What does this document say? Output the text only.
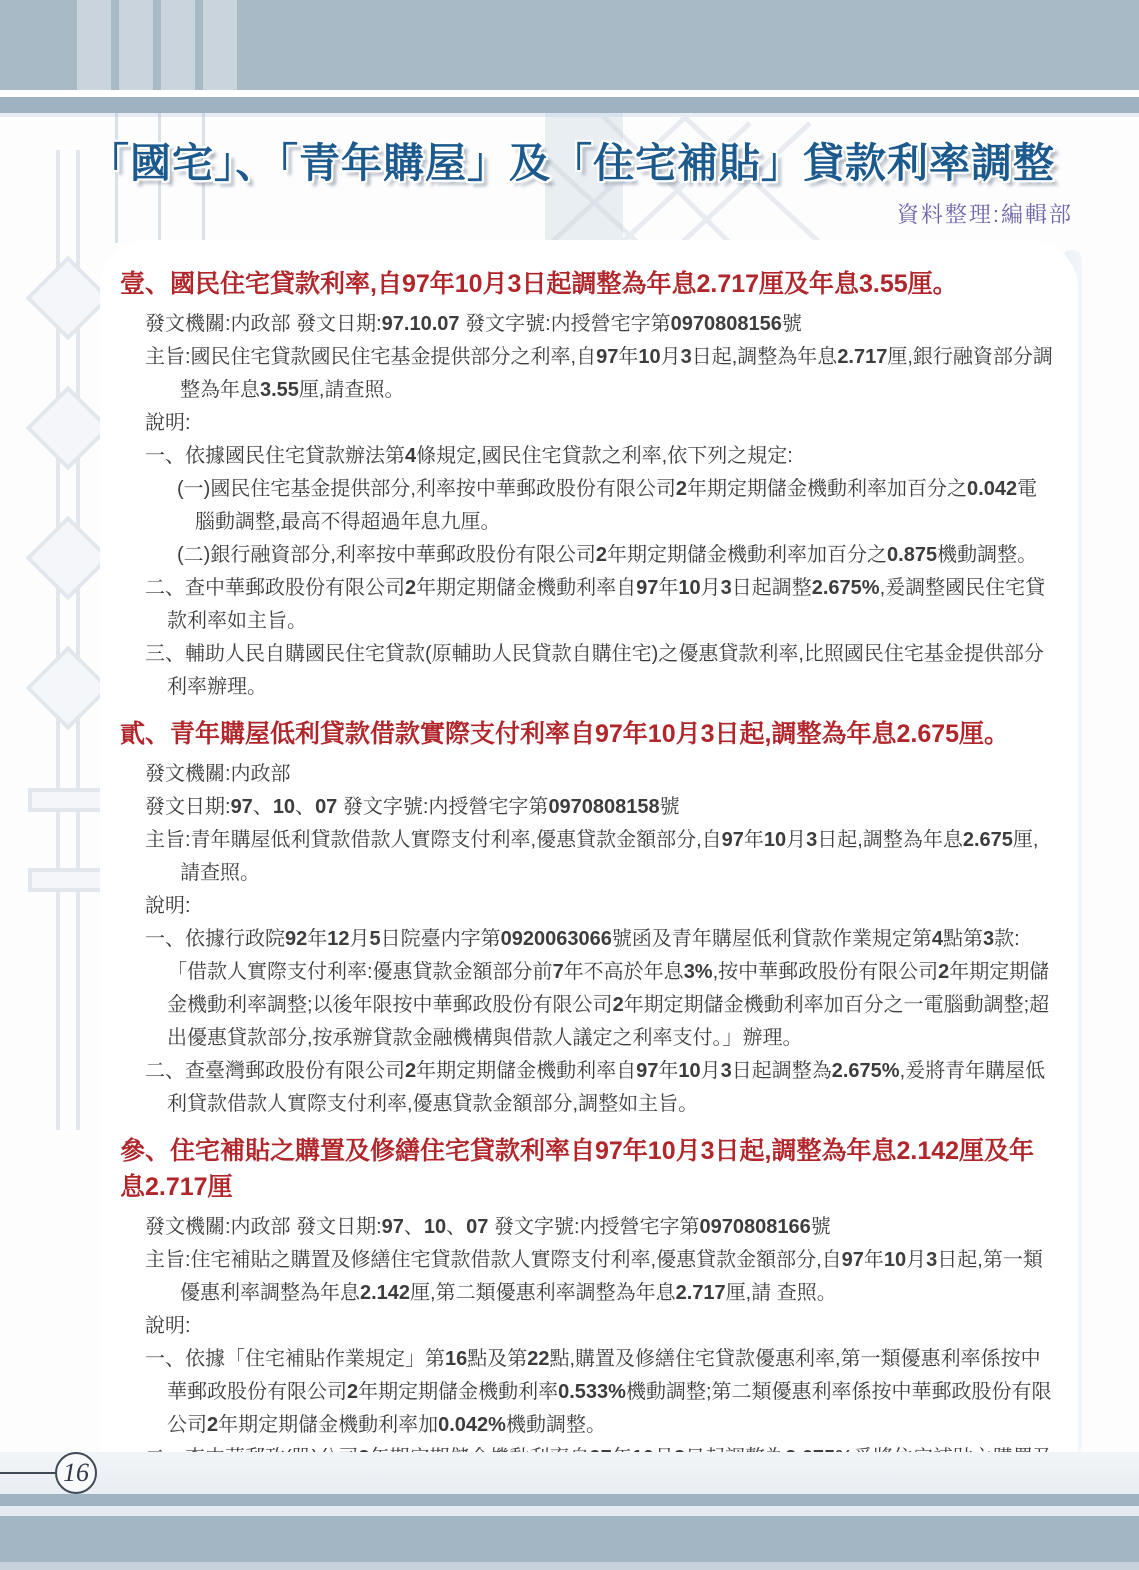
「國宅」、「青年購屋」及「住宅補貼」貸款利率調整
資料整理:編輯部
壹、國民住宅貸款利率,自97年10月3日起調整為年息2.717厘及年息3.55厘。

發文機關:内政部 發文日期:97.10.07 發文字號:内授營宅字第0970808156號

主旨:國民住宅貸款國民住宅基金提供部分之利率,自97年10月3日起,調整為年息2.717厘,銀行融資部分調整為年息3.55厘,請查照。

說明:

一、依據國民住宅貸款辦法第4條規定,國民住宅貸款之利率,依下列之規定:

(一)國民住宅基金提供部分,利率按中華郵政股份有限公司2年期定期儲金機動利率加百分之0.042電腦動調整,最高不得超過年息九厘。

(二)銀行融資部分,利率按中華郵政股份有限公司2年期定期儲金機動利率加百分之0.875機動調整。

二、查中華郵政股份有限公司2年期定期儲金機動利率自97年10月3日起調整2.675%,爰調整國民住宅貸款利率如主旨。

三、輔助人民自購國民住宅貸款(原輔助人民貸款自購住宅)之優惠貸款利率,比照國民住宅基金提供部分利率辦理。

貳、青年購屋低利貸款借款實際支付利率自97年10月3日起,調整為年息2.675厘。

發文機關:内政部

發文日期:97、10、07 發文字號:内授營宅字第0970808158號

主旨:青年購屋低利貸款借款人實際支付利率,優惠貸款金額部分,自97年10月3日起,調整為年息2.675厘,請查照。

說明:

一、依據行政院92年12月5日院臺内字第0920063066號函及青年購屋低利貸款作業規定第4點第3款:「借款人實際支付利率:優惠貸款金額部分前7年不高於年息3%,按中華郵政股份有限公司2年期定期儲金機動利率調整;以後年限按中華郵政股份有限公司2年期定期儲金機動利率加百分之一電腦動調整;超出優惠貸款部分,按承辦貸款金融機構與借款人議定之利率支付。」辦理。

二、查臺灣郵政股份有限公司2年期定期儲金機動利率自97年10月3日起調整為2.675%,爰將青年購屋低利貸款借款人實際支付利率,優惠貸款金額部分,調整如主旨。

參、住宅補貼之購置及修繕住宅貸款利率自97年10月3日起,調整為年息2.142厘及年息2.717厘

發文機關:内政部 發文日期:97、10、07 發文字號:内授營宅字第0970808166號

主旨:住宅補貼之購置及修繕住宅貸款借款人實際支付利率,優惠貸款金額部分,自97年10月3日起,第一類優惠利率調整為年息2.142厘,第二類優惠利率調整為年息2.717厘,請 查照。

說明:

一、依據「住宅補貼作業規定」第16點及第22點,購置及修繕住宅貸款優惠利率,第一類優惠利率係按中華郵政股份有限公司2年期定期儲金機動利率0.533%機動調整;第二類優惠利率係按中華郵政股份有限公司2年期定期儲金機動利率加0.042%機動調整。

16
